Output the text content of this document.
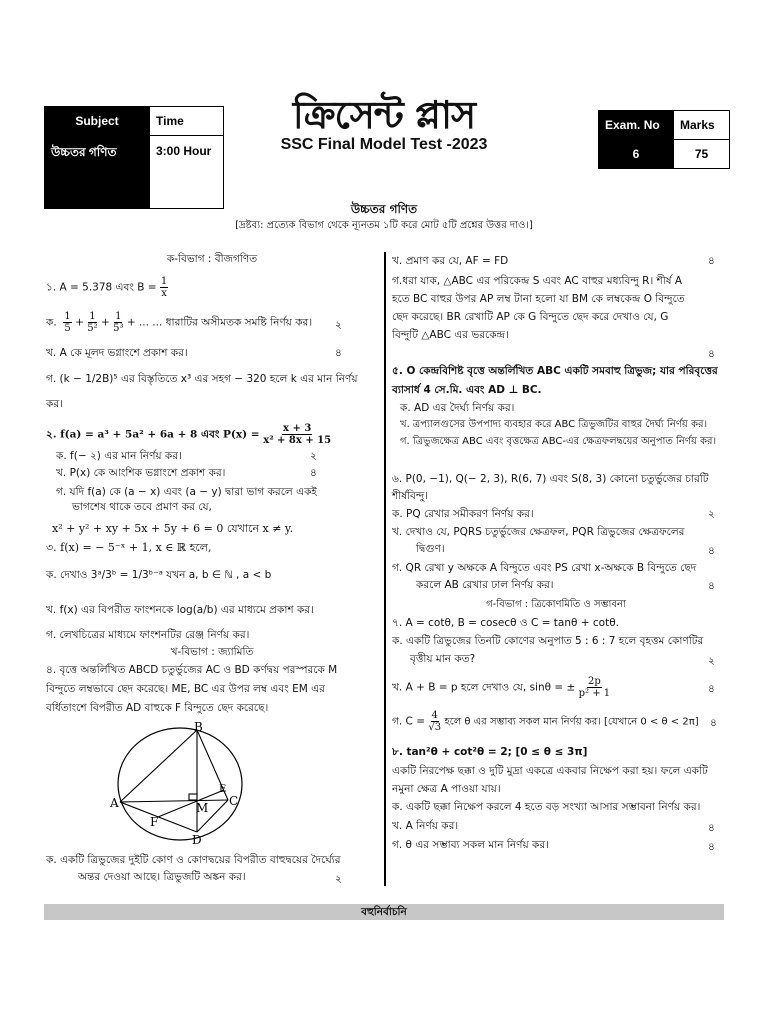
Subject	Time
উচ্চতর গণিত	3:00 Hour
ক্রিসেন্ট প্লাস
SSC Final Model Test -2023
Exam. No	Marks
6	75
উচ্চতর গণিত
[দ্রষ্টব্য: প্রত্যেক বিভাগ থেকে ন্যূনতম ১টি করে মোট ৫টি প্রশ্নের উত্তর দাও।]
ক-বিভাগ : বীজগণিত
১. A = 5.378 এবং $B = \frac{1}{x}$
ক. $\frac{1}{5} + \frac{1}{\text{5²}} + \frac{1}{\text{5³}}$ + ... ... ধারাটির অসীমতক সমষ্টি নির্ণয় কর। ২
খ. A কে মূলদ ভগ্নাংশে প্রকাশ কর।	৪
গ. (k − 1/2B)⁵ এর বিস্তৃতিতে x³ এর সহগ − 320 হলে k এর মান নির্ণয়
কর।
২. f(a) = a³ + 5a² + 6a + 8 এবং $P(x) = \frac{x + 3}{\text{x² + 8x + 15}}$
ক. f(− ২) এর মান নির্ণয় কর।	২
খ. P(x) কে আংশিক ভগ্নাংশে প্রকাশ কর।	৪
গ. যদি f(a) কে (a − x) এবং (a − y) দ্বারা ভাগ করলে একই
ভাগশেষ থাকে তবে প্রমাণ কর যে,
x² + y² + xy + 5x + 5y + 6 = 0 যেখানে x ≠ y.
৩. f(x) = − 5⁻ˣ + 1, x ∈ ℝ হলে,
ক. দেখাও 3ᵃ/3ᵇ = 1/3ᵇ⁻ᵃ যখন a, b ∈ ℕ , a < b
খ. f(x) এর বিপরীত ফাংশনকে log(a/b) এর মাধ্যমে প্রকাশ কর।
গ. লেখচিত্রের মাধ্যমে ফাংশনটির রেঞ্জ নির্ণয় কর।
খ-বিভাগ : জ্যামিতি
৪. বৃত্তে অন্তর্লিখিত ABCD চতুর্ভুজের AC ও BD কর্ণদ্বয় পরস্পরকে M
বিন্দুতে লম্বভাবে ছেদ করেছে। ME, BC এর উপর লম্ব এবং EM এর
বর্ধিতাংশে বিপরীত AD বাহুকে F বিন্দুতে ছেদ করেছে।
B
A	C
D
E
F
M
ক. একটি ত্রিভুজের দুইটি কোণ ও কোণদ্বয়ের বিপরীত বাহুদ্বয়ের দৈর্ঘ্যের
অন্তর দেওয়া আছে। ত্রিভুজটি অঙ্কন কর।	২
খ. প্রমাণ কর যে, AF = FD	৪
গ.ধরা যাক, △ABC এর পরিকেন্দ্র S এবং AC বাহুর মধ্যবিন্দু R। শীর্ষ A
হতে BC বাহুর উপর AP লম্ব টানা হলো যা BM কে লম্বকেন্দ্র O বিন্দুতে
ছেদ করেছে। BR রেখাটি AP কে G বিন্দুতে ছেদ করে দেখাও যে, G
বিন্দুটি △ABC এর ভরকেন্দ্র।
৪
৫. O কেন্দ্রবিশিষ্ট বৃত্তে অন্তর্লিখিত ABC একটি সমবাহু ত্রিভুজ; যার পরিবৃত্তের
ব্যাসার্ধ 4 সে.মি. এবং AD ⊥ BC.
ক. AD এর দৈর্ঘ্য নির্ণয় কর।
খ. ত্রপ্যালগুসের উপপাদ্য ব্যবহার করে ABC ত্রিভুজটির বাহুর দৈর্ঘ্য নির্ণয় কর।
গ. ত্রিভুজক্ষেত্র ABC এবং বৃত্তক্ষেত্র ABC-এর ক্ষেত্রফলদ্বয়ের অনুপাত নির্ণয় কর।
৬. P(0, −1), Q(− 2, 3), R(6, 7) এবং S(8, 3) কোনো চতুর্ভুজের চারটি
শীর্ষবিন্দু।
ক. PQ রেখার সমীকরণ নির্ণয় কর।	২
খ. দেখাও যে, PQRS চতুর্ভুজের ক্ষেত্রফল, PQR ত্রিভুজের ক্ষেত্রফলের
দ্বিগুণ।	৪
গ. QR রেখা y অক্ষকে A বিন্দুতে এবং PS রেখা x-অক্ষকে B বিন্দুতে ছেদ
করলে AB রেখার ঢাল নির্ণয় কর।	৪
গ-বিভাগ : ত্রিকোণমিতি ও সম্ভাবনা
৭. A = cotθ, B = cosecθ ও C = tanθ + cotθ.
ক. একটি ত্রিভুজের তিনটি কোণের অনুপাত 5 : 6 : 7 হলে বৃহত্তম কোণটির
বৃত্তীয় মান কত?	২
খ. A + B = p হলে দেখাও যে, sinθ = ± $\frac{2p}{\text{p² + 1}}$	৪
গ. $C = \frac{4}{√3}$ হলে θ এর সম্ভাব্য সকল মান নির্ণয় কর। [যেখানে 0 < θ < 2π] ৪
৮. tan²θ + cot²θ = 2; [0 ≤ θ ≤ 3π]
একটি নিরপেক্ষ ছক্কা ও দুটি মুদ্রা একত্রে একবার নিক্ষেপ করা হয়। ফলে একটি
নমুনা ক্ষেত্র A পাওয়া যায়।
ক. একটি ছক্কা নিক্ষেপ করলে 4 হতে বড় সংখ্যা আসার সম্ভাবনা নির্ণয় কর।
খ. A নির্ণয় কর।	৪
গ. θ এর সম্ভাব্য সকল মান নির্ণয় কর।	৪
বহুনির্বাচনি
